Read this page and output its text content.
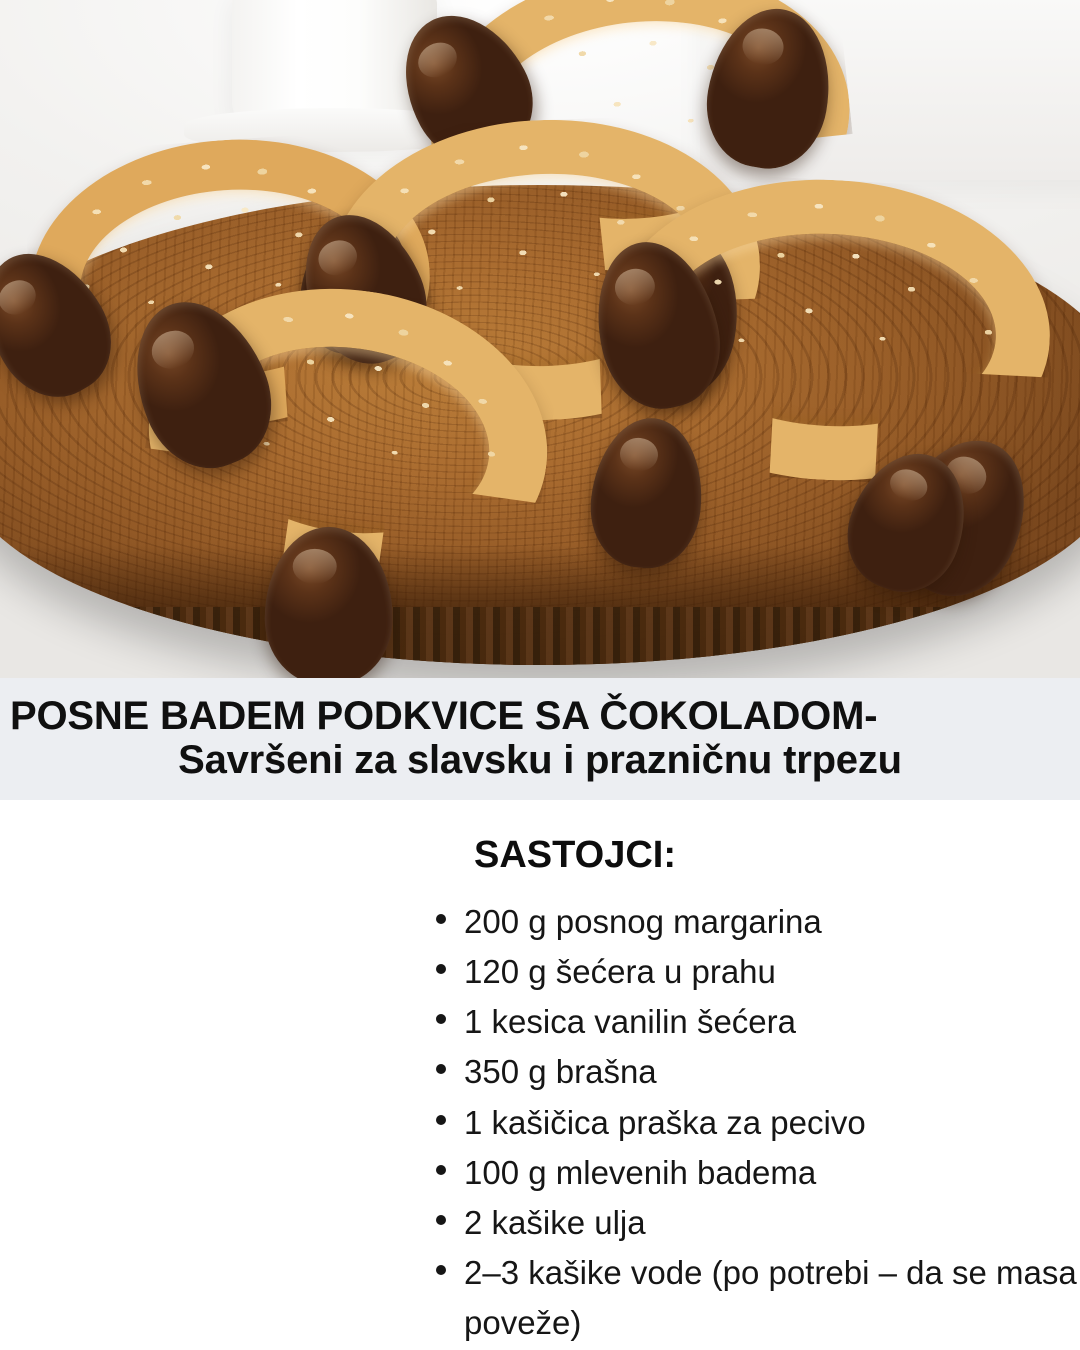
POSNE BADEM PODKVICE SA ČOKOLADOM-
Savršeni za slavsku i prazničnu trpezu
SASTOJCI:
200 g posnog margarina
120 g šećera u prahu
1 kesica vanilin šećera
350 g brašna
1 kašičica praška za pecivo
100 g mlevenih badema
2 kašike ulja
2–3 kašike vode (po potrebi – da se masa poveže)
